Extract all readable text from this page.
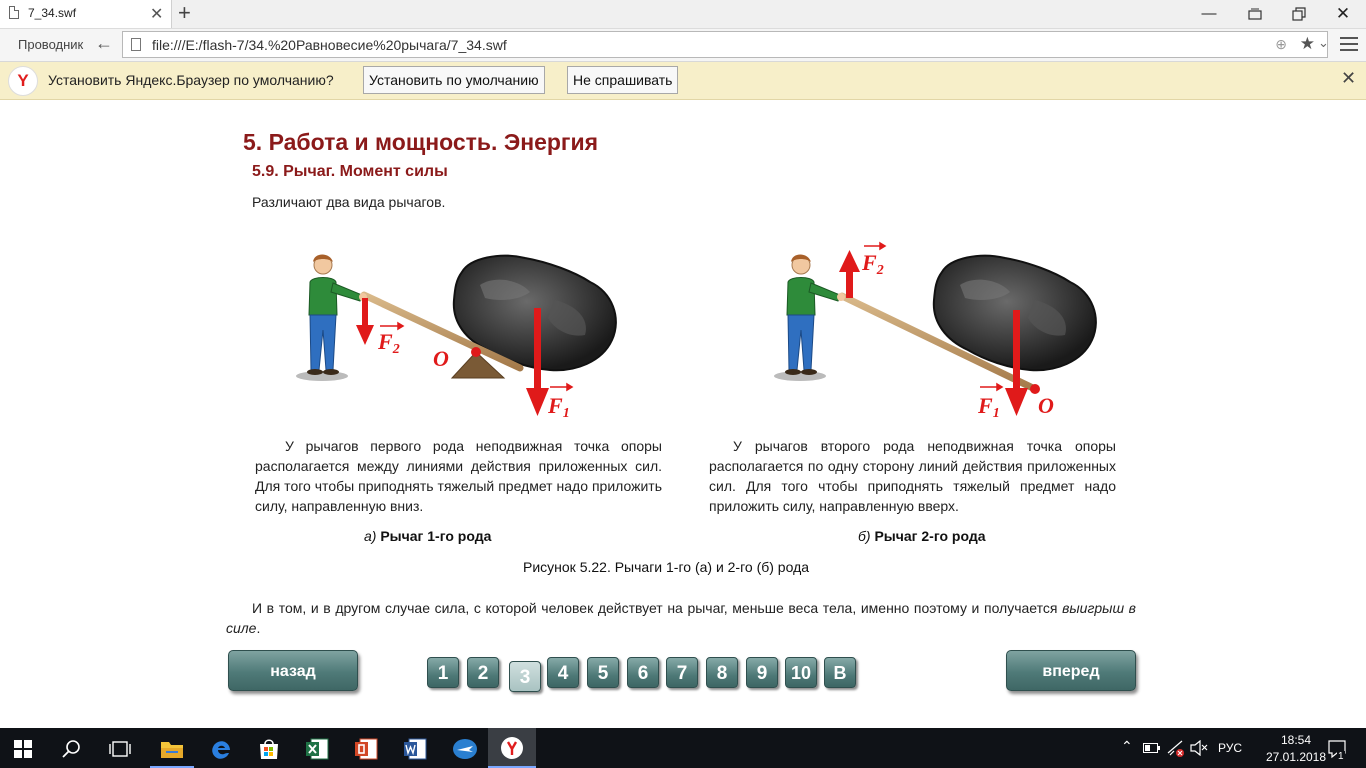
7_34.swf	✕ +	—	✕
Проводник ←	file:///E:/flash-7/34.%20Равновесие%20рычага/7_34.swf	⊕ ★ ⌄
Y	Установить Яндекс.Браузер по умолчанию?	Установить по умолчанию	Не спрашивать	✕
5. Работа и мощность. Энергия
5.9. Рычаг. Момент силы
Различают два вида рычагов.
F2
F1
O
F2
F1 O
У рычагов первого рода неподвижная точка опоры располагается между линиями действия приложенных сил. Для того чтобы приподнять тяжелый предмет надо приложить силу, направленную вниз.
У рычагов второго рода неподвижная точка опоры располагается по одну сторону линий действия приложенных сил. Для того чтобы приподнять тяжелый предмет надо приложить силу, направленную вверх.
а) Рычаг 1-го рода	б) Рычаг 2-го рода
Рисунок 5.22. Рычаги 1-го (а) и 2-го (б) рода
И в том, и в другом случае сила, с которой человек действует на рычаг, меньше веса тела, именно поэтому и получается выигрыш в силе.
назад	вперед
1	2	3	4	5	6	7	8	9	10	В
⌃	РУС
18:54
27.01.2018	1
